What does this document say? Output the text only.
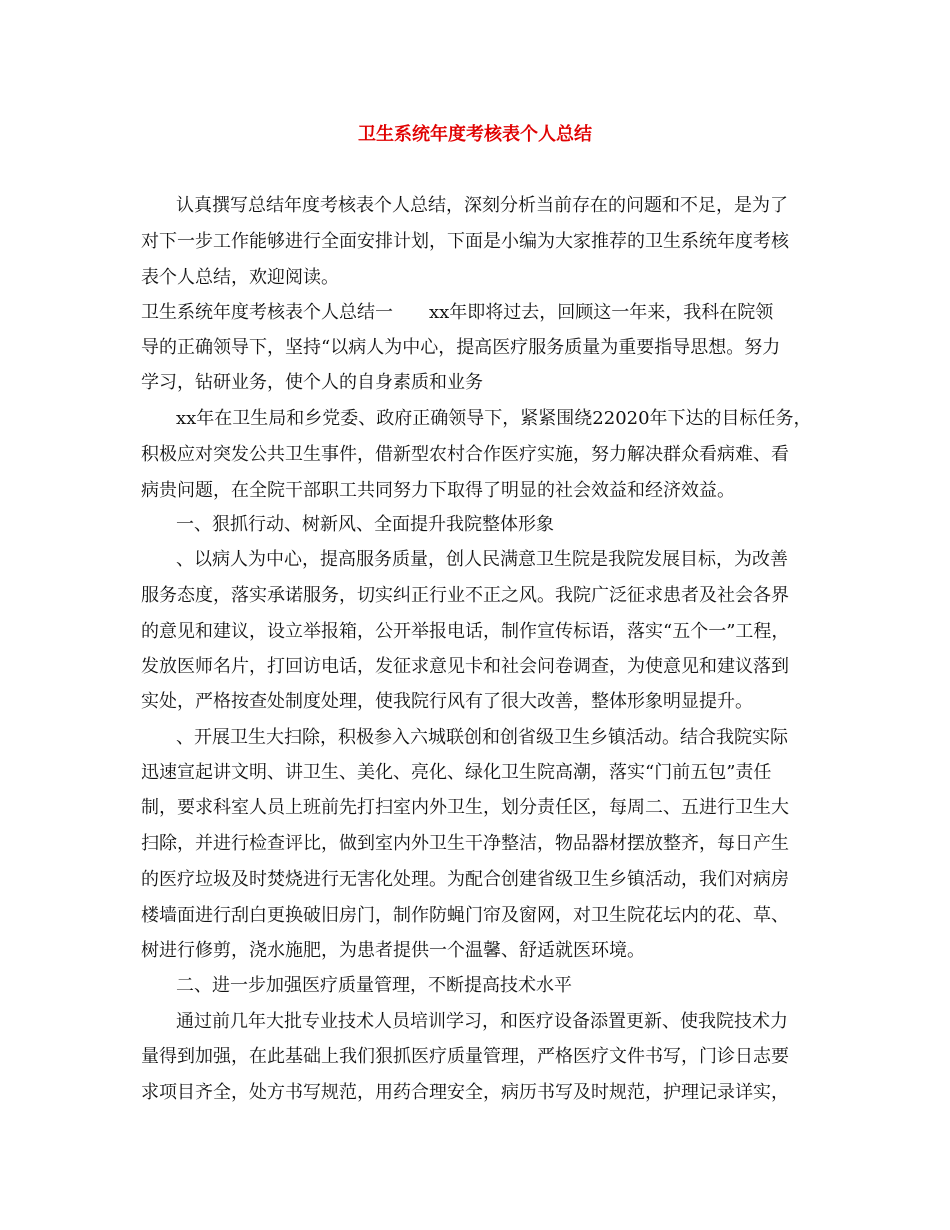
卫生系统年度考核表个人总结
认真撰写总结年度考核表个人总结，深刻分析当前存在的问题和不足，是为了
对下一步工作能够进行全面安排计划，下面是小编为大家推荐的卫生系统年度考核
表个人总结，欢迎阅读。
卫生系统年度考核表个人总结一　　xx年即将过去，回顾这一年来，我科在院领
导的正确领导下，坚持“以病人为中心，提高医疗服务质量为重要指导思想。努力
学习，钻研业务，使个人的自身素质和业务
xx年在卫生局和乡党委、政府正确领导下，紧紧围绕22020年下达的目标任务，
积极应对突发公共卫生事件，借新型农村合作医疗实施，努力解决群众看病难、看
病贵问题，在全院干部职工共同努力下取得了明显的社会效益和经济效益。
一、狠抓行动、树新风、全面提升我院整体形象
、以病人为中心，提高服务质量，创人民满意卫生院是我院发展目标，为改善
服务态度，落实承诺服务，切实纠正行业不正之风。我院广泛征求患者及社会各界
的意见和建议，设立举报箱，公开举报电话，制作宣传标语，落实“五个一”工程，
发放医师名片，打回访电话，发征求意见卡和社会问卷调查，为使意见和建议落到
实处，严格按查处制度处理，使我院行风有了很大改善，整体形象明显提升。
、开展卫生大扫除，积极参入六城联创和创省级卫生乡镇活动。结合我院实际
迅速宣起讲文明、讲卫生、美化、亮化、绿化卫生院高潮，落实“门前五包”责任
制，要求科室人员上班前先打扫室内外卫生，划分责任区，每周二、五进行卫生大
扫除，并进行检查评比，做到室内外卫生干净整洁，物品器材摆放整齐，每日产生
的医疗垃圾及时焚烧进行无害化处理。为配合创建省级卫生乡镇活动，我们对病房
楼墙面进行刮白更换破旧房门，制作防蝇门帘及窗网，对卫生院花坛内的花、草、
树进行修剪，浇水施肥，为患者提供一个温馨、舒适就医环境。
二、进一步加强医疗质量管理，不断提高技术水平
通过前几年大批专业技术人员培训学习，和医疗设备添置更新、使我院技术力
量得到加强，在此基础上我们狠抓医疗质量管理，严格医疗文件书写，门诊日志要
求项目齐全，处方书写规范，用药合理安全，病历书写及时规范，护理记录详实，
